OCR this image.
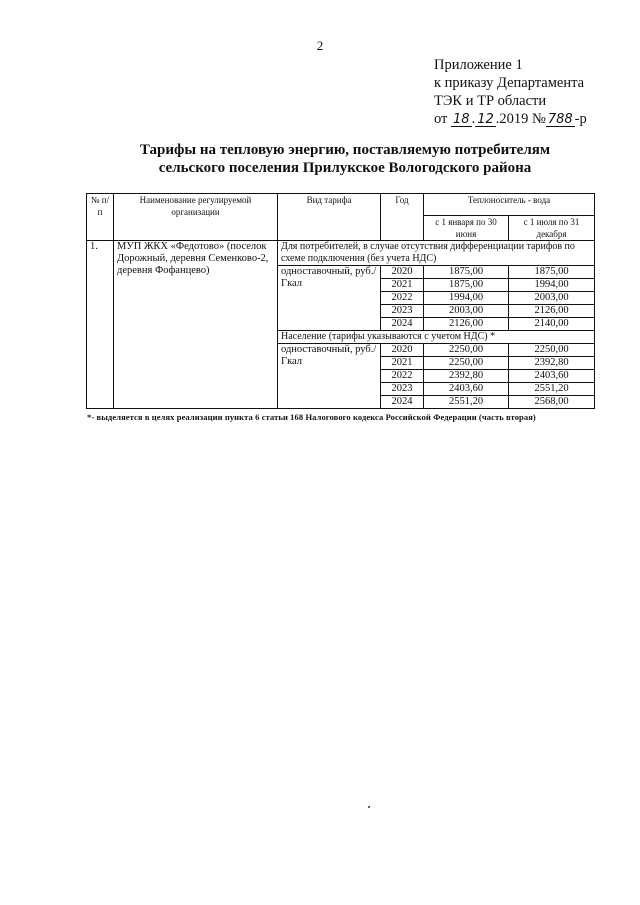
2
Приложение 1
к приказу Департамента
ТЭК и ТР области
от 18 . 12 .2019 № 788 -р
Тарифы на тепловую энергию, поставляемую потребителям
сельского поселения Прилукское Вологодского района
№ п/п	Наименование регулируемой организации	Вид тарифа	Год	Теплоноситель - вода	
				с 1 января по 30 июня	с 1 июля по 31 декабря
1.	МУП ЖКХ «Федотово» (поселок Дорожный, деревня Семенково-2, деревня Фофанцево)	Для потребителей, в случае отсутствия дифференциации тарифов по схеме подключения (без учета НДС)			
		одноставочный, руб./Гкал	2020	1875,00	1875,00
			2021	1875,00	1994,00
			2022	1994,00	2003,00
			2023	2003,00	2126,00
			2024	2126,00	2140,00
		Население (тарифы указываются с учетом НДС) *			
		одноставочный, руб./Гкал	2020	2250,00	2250,00
			2021	2250,00	2392,80
			2022	2392,80	2403,60
			2023	2403,60	2551,20
			2024	2551,20	2568,00
*- выделяется в целях реализации пункта 6 статьи 168 Налогового кодекса Российской Федерации (часть вторая)
